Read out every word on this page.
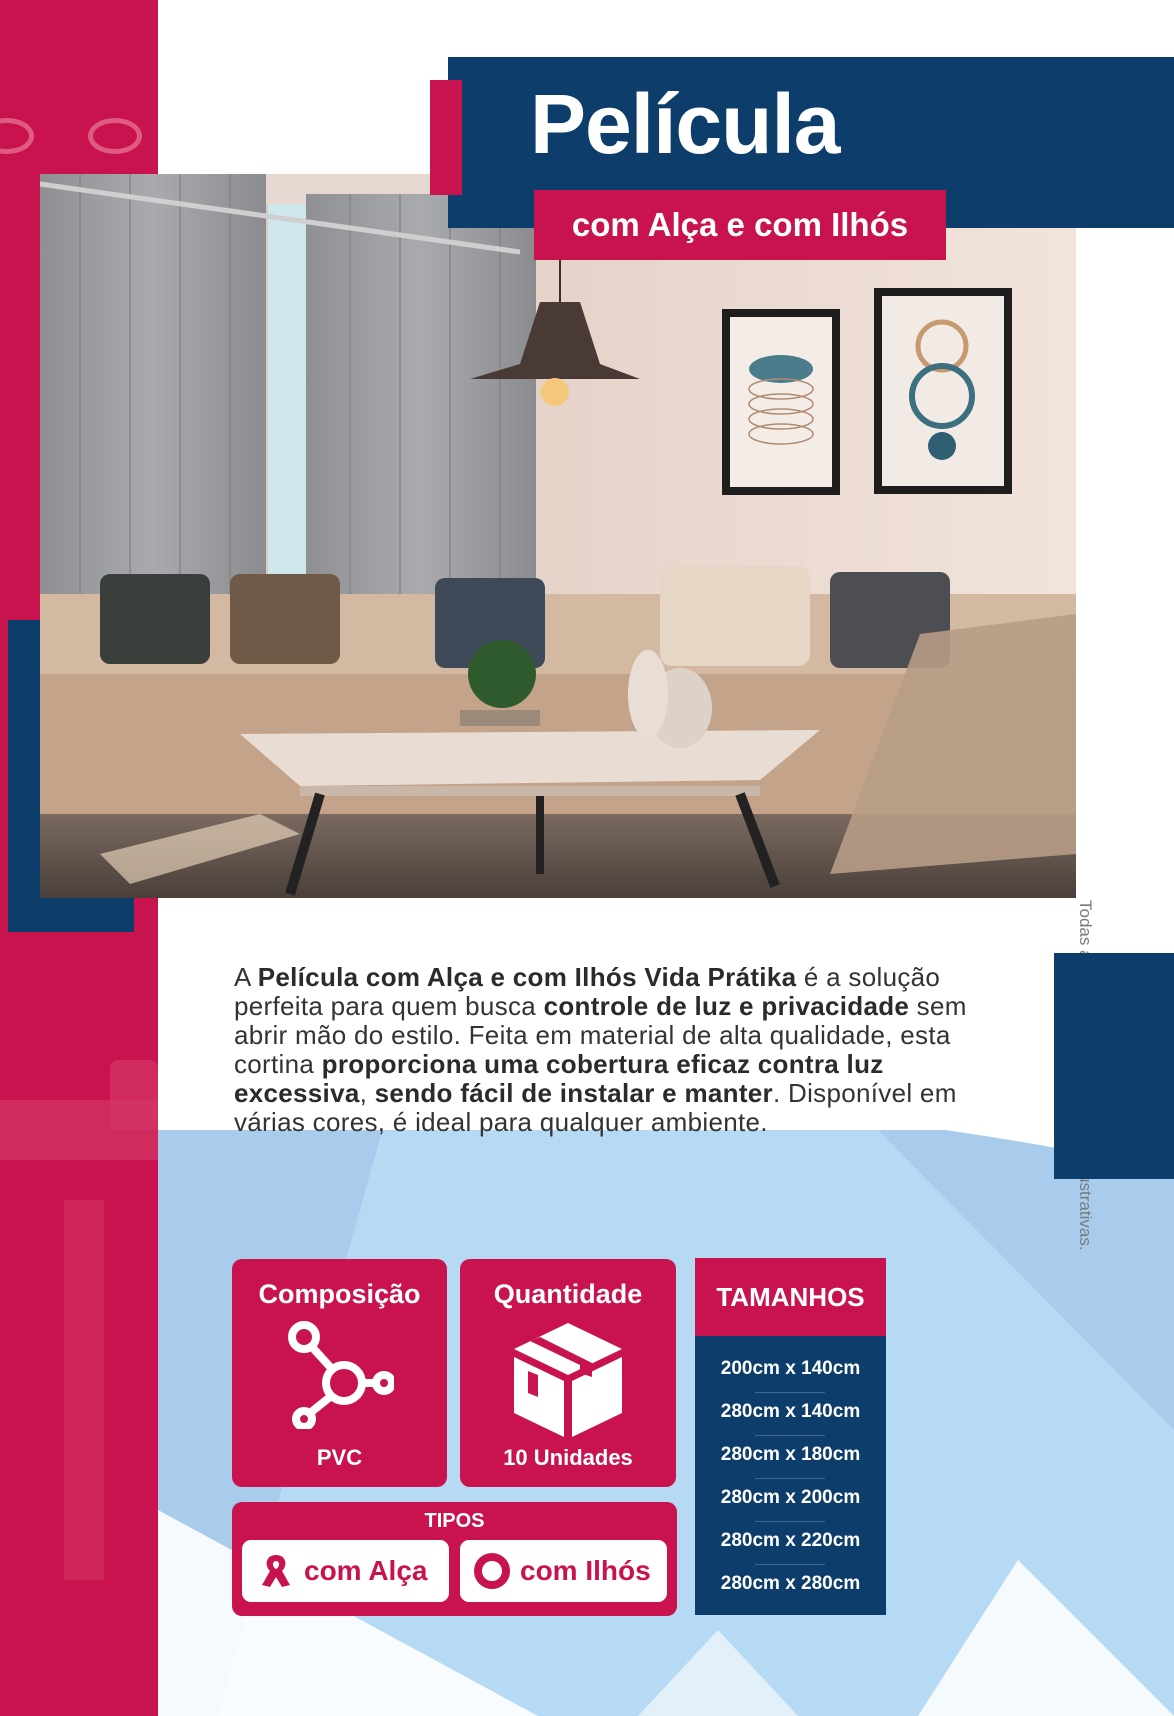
Película
com Alça e com Ilhós
A Película com Alça e com Ilhós Vida Prátika é a solução perfeita para quem busca controle de luz e privacidade sem abrir mão do estilo. Feita em material de alta qualidade, esta cortina proporciona uma cobertura eficaz contra luz excessiva, sendo fácil de instalar e manter. Disponível em várias cores, é ideal para qualquer ambiente.
Composição
PVC
Quantidade
10 Unidades
TIPOS
com Alça	com Ilhós
TAMANHOS
200cm x 140cm
280cm x 140cm
280cm x 180cm
280cm x 200cm
280cm x 220cm
280cm x 280cm
